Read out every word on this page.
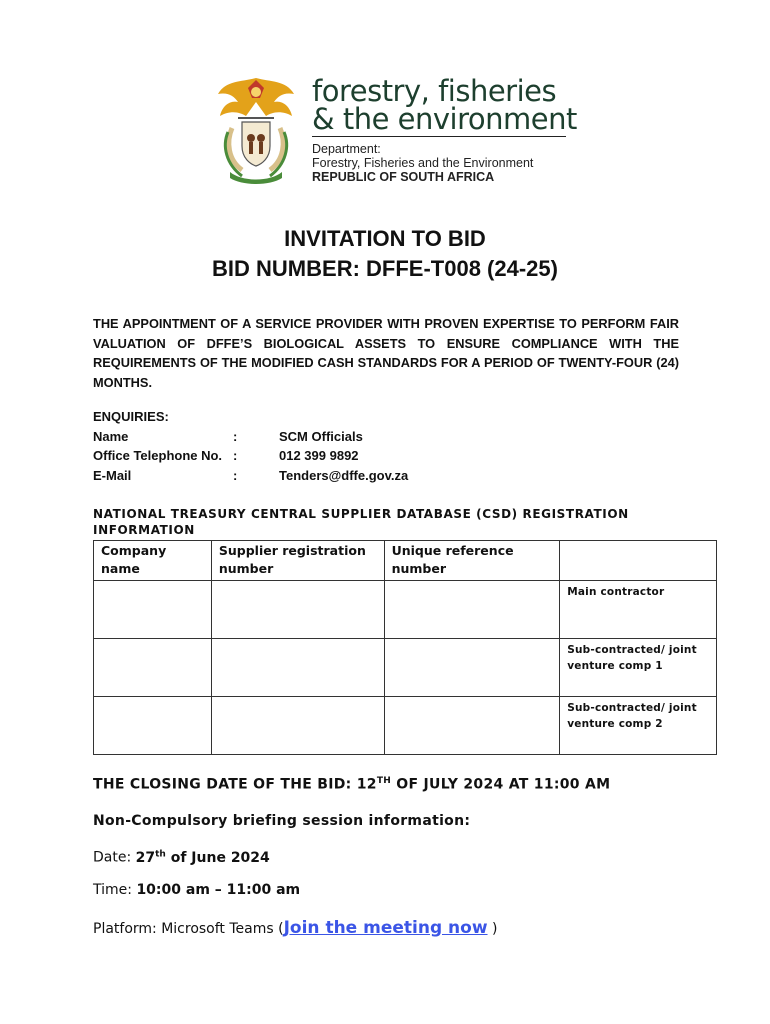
forestry, fisheries
& the environment
Department:
Forestry, Fisheries and the Environment
REPUBLIC OF SOUTH AFRICA
INVITATION TO BID
BID NUMBER: DFFE-T008 (24-25)
THE APPOINTMENT OF A SERVICE PROVIDER WITH PROVEN EXPERTISE TO PERFORM FAIR VALUATION OF DFFE’S BIOLOGICAL ASSETS TO ENSURE COMPLIANCE WITH THE REQUIREMENTS OF THE MODIFIED CASH STANDARDS FOR A PERIOD OF TWENTY-FOUR (24) MONTHS.
ENQUIRIES:
Name	:	SCM Officials
Office Telephone No. :	012 399 9892
E-Mail	:	Tenders@dffe.gov.za
NATIONAL TREASURY CENTRAL SUPPLIER DATABASE (CSD) REGISTRATION INFORMATION
Company name	Supplier registration number	Unique reference number	
			Main contractor
			Sub-contracted/ joint venture comp 1
			Sub-contracted/ joint venture comp 2
THE CLOSING DATE OF THE BID: 12TH OF JULY 2024 AT 11:00 AM
Non-Compulsory briefing session information:
Date: 27th of June 2024
Time: 10:00 am – 11:00 am
Platform: Microsoft Teams (Join the meeting now )
